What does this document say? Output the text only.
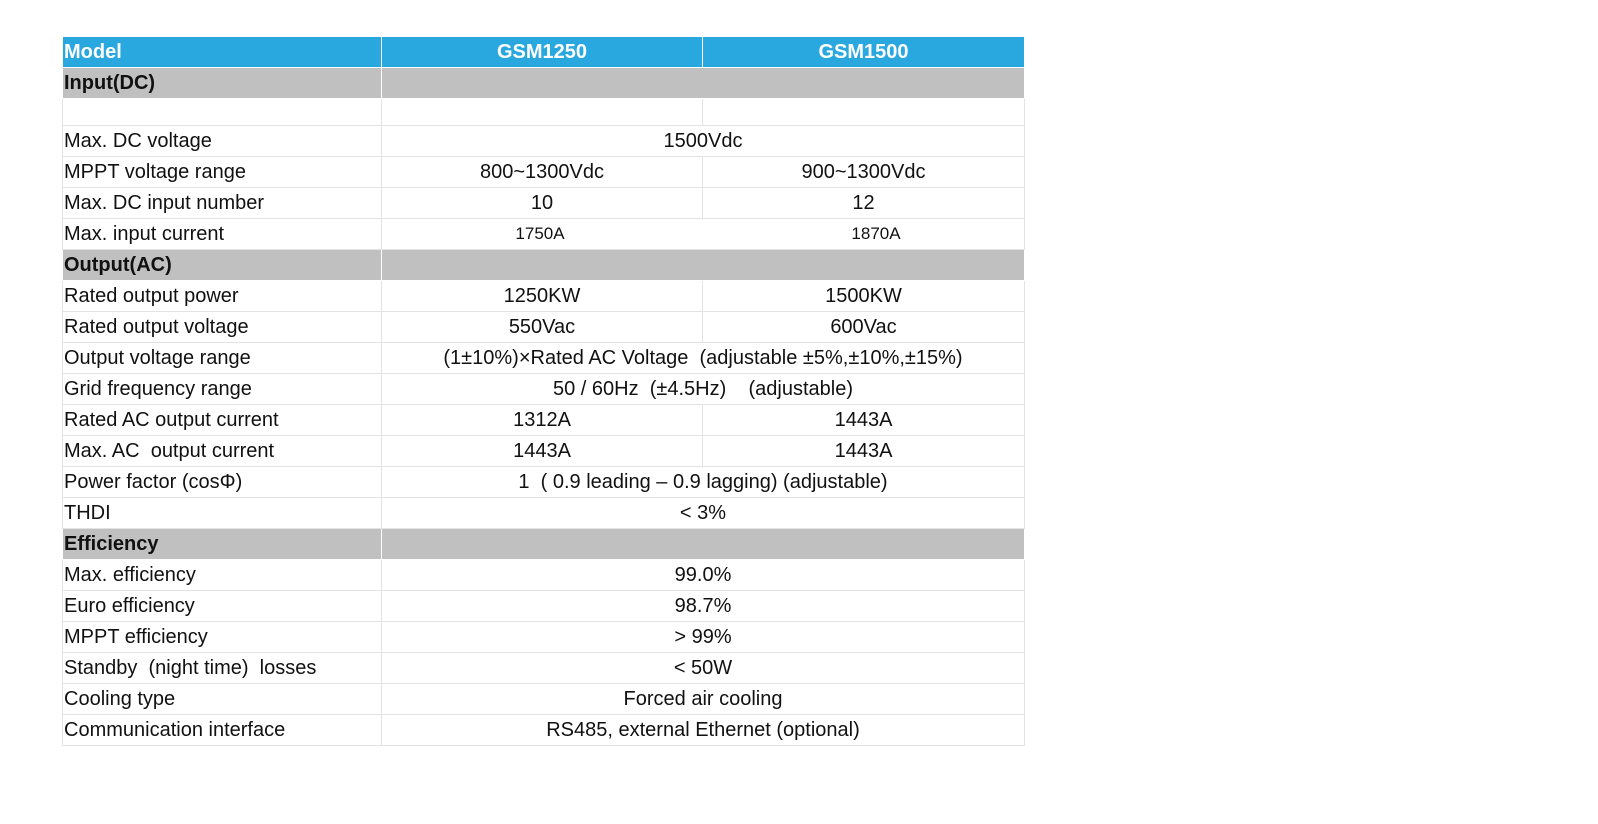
Model	GSM1250	GSM1500
Input(DC)		

Max. DC voltage	1500Vdc	
MPPT voltage range	800~1300Vdc	900~1300Vdc
Max. DC input number	10	12
Max. input current	1750A 1870A	
Output(AC)		
Rated output power	1250KW	1500KW
Rated output voltage	550Vac	600Vac
Output voltage range	(1±10%)×Rated AC Voltage  (adjustable ±5%,±10%,±15%)	
Grid frequency range	50 / 60Hz  (±4.5Hz)    (adjustable)	
Rated AC output current	1312A	1443A
Max. AC  output current	1443A	1443A
Power factor (cosΦ)	1  ( 0.9 leading – 0.9 lagging) (adjustable)	
THDI	< 3%	
Efficiency		
Max. efficiency	99.0%	
Euro efficiency	98.7%	
MPPT efficiency	> 99%	
Standby  (night time)  losses	< 50W	
Cooling type	Forced air cooling	
Communication interface	RS485, external Ethernet (optional)	
